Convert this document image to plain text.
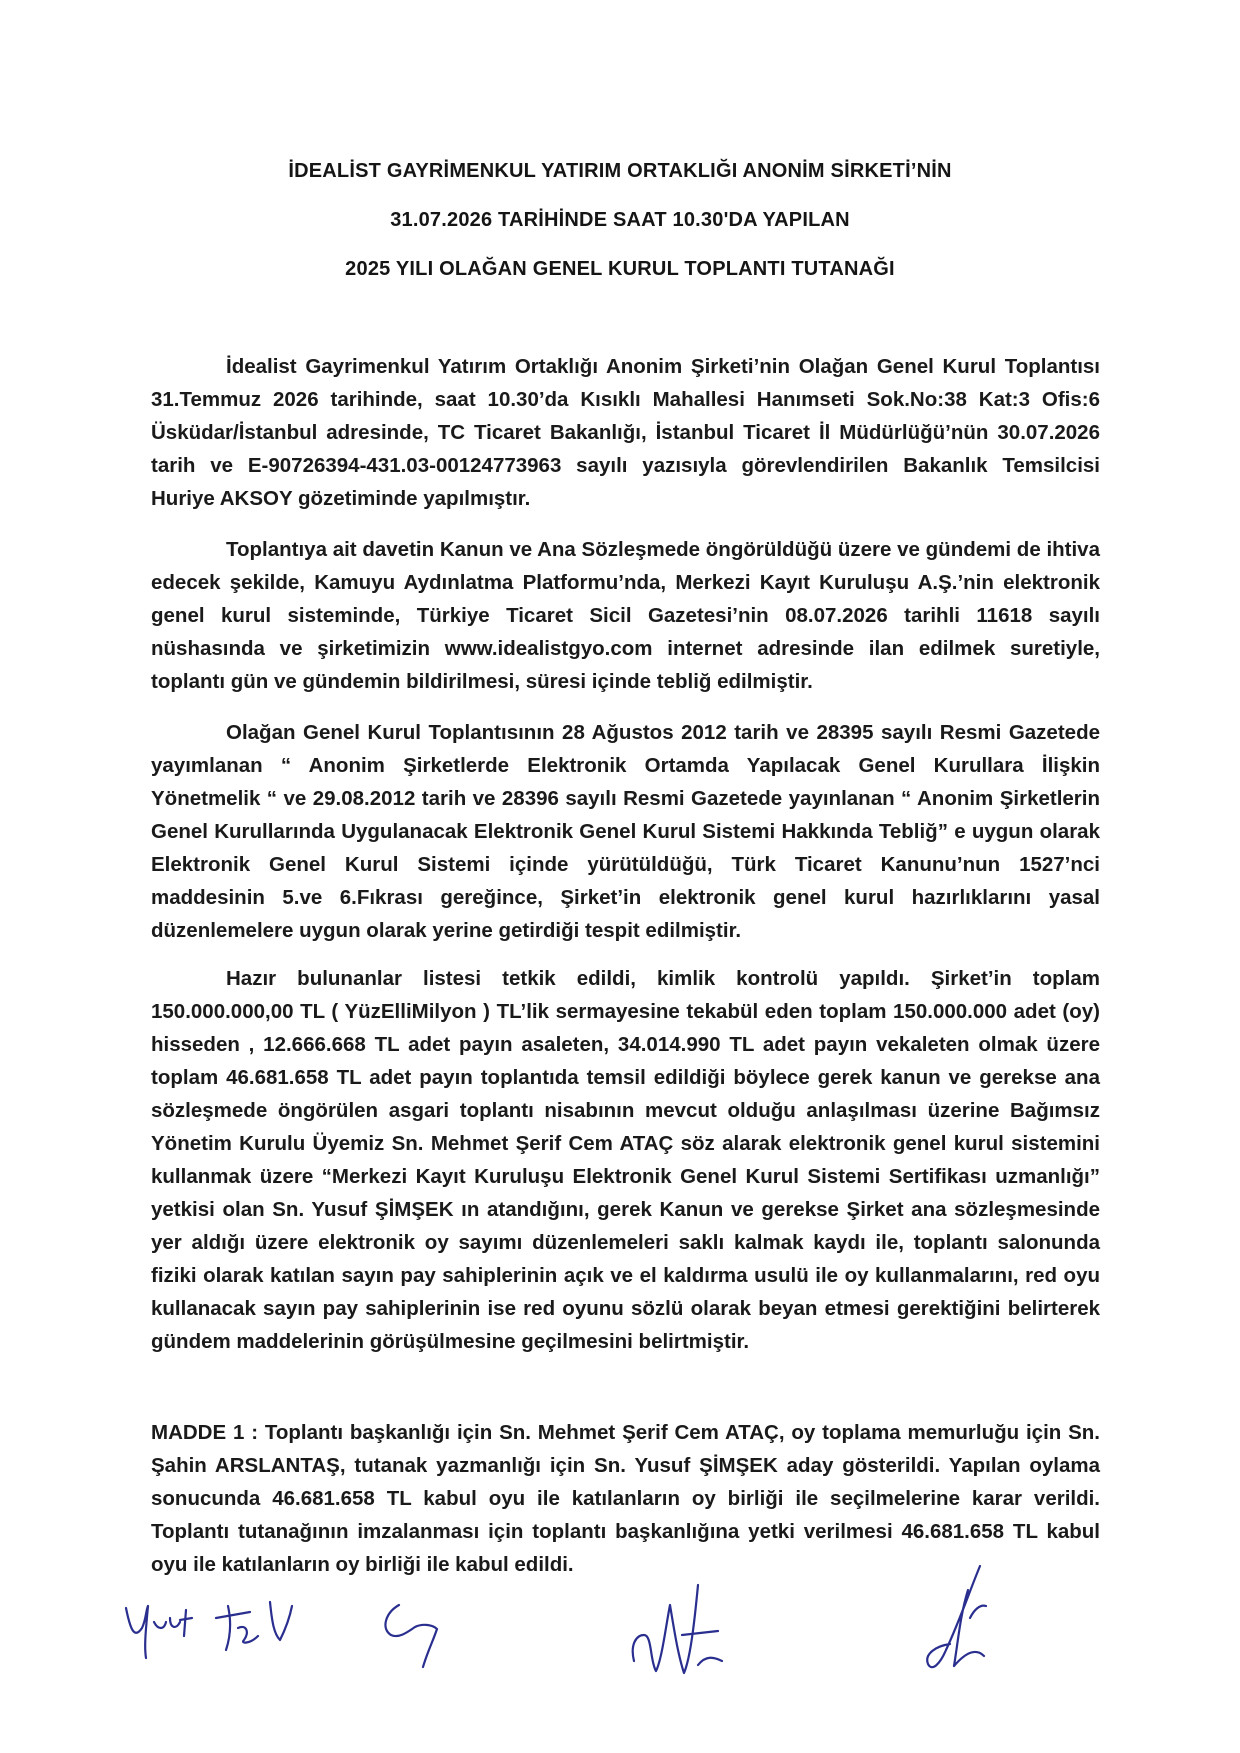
İDEALİST GAYRİMENKUL YATIRIM ORTAKLIĞI ANONİM SİRKETİ’NİN
31.07.2026 TARİHİNDE SAAT 10.30'DA YAPILAN
2025 YILI OLAĞAN GENEL KURUL TOPLANTI TUTANAĞI

İdealist Gayrimenkul Yatırım Ortaklığı Anonim Şirketi’nin Olağan Genel Kurul Toplantısı 31.Temmuz 2026 tarihinde, saat 10.30’da Kısıklı Mahallesi Hanımseti Sok.No:38 Kat:3 Ofis:6 Üsküdar/İstanbul adresinde, TC Ticaret Bakanlığı, İstanbul Ticaret İl Müdürlüğü’nün 30.07.2026 tarih ve E-90726394-431.03-00124773963 sayılı yazısıyla görevlendirilen Bakanlık Temsilcisi Huriye AKSOY gözetiminde yapılmıştır.

Toplantıya ait davetin Kanun ve Ana Sözleşmede öngörüldüğü üzere ve gündemi de ihtiva edecek şekilde, Kamuyu Aydınlatma Platformu’nda, Merkezi Kayıt Kuruluşu A.Ş.’nin elektronik genel kurul sisteminde, Türkiye Ticaret Sicil Gazetesi’nin 08.07.2026 tarihli 11618 sayılı nüshasında ve şirketimizin www.idealistgyo.com internet adresinde ilan edilmek suretiyle, toplantı gün ve gündemin bildirilmesi, süresi içinde tebliğ edilmiştir.

Olağan Genel Kurul Toplantısının 28 Ağustos 2012 tarih ve 28395 sayılı Resmi Gazetede yayımlanan “ Anonim Şirketlerde Elektronik Ortamda Yapılacak Genel Kurullara İlişkin Yönetmelik “ ve 29.08.2012 tarih ve 28396 sayılı Resmi Gazetede yayınlanan “ Anonim Şirketlerin Genel Kurullarında Uygulanacak Elektronik Genel Kurul Sistemi Hakkında Tebliğ” e uygun olarak Elektronik Genel Kurul Sistemi içinde yürütüldüğü, Türk Ticaret Kanunu’nun 1527’nci maddesinin 5.ve 6.Fıkrası gereğince, Şirket’in elektronik genel kurul hazırlıklarını yasal düzenlemelere uygun olarak yerine getirdiği tespit edilmiştir.

Hazır bulunanlar listesi tetkik edildi, kimlik kontrolü yapıldı. Şirket’in toplam 150.000.000,00 TL ( YüzElliMilyon ) TL’lik sermayesine tekabül eden toplam 150.000.000 adet (oy) hisseden , 12.666.668 TL adet payın asaleten, 34.014.990 TL adet payın vekaleten olmak üzere toplam 46.681.658 TL adet payın toplantıda temsil edildiği böylece gerek kanun ve gerekse ana sözleşmede öngörülen asgari toplantı nisabının mevcut olduğu anlaşılması üzerine Bağımsız Yönetim Kurulu Üyemiz Sn. Mehmet Şerif Cem ATAÇ söz alarak elektronik genel kurul sistemini kullanmak üzere “Merkezi Kayıt Kuruluşu Elektronik Genel Kurul Sistemi Sertifikası uzmanlığı” yetkisi olan Sn. Yusuf ŞİMŞEK ın atandığını, gerek Kanun ve gerekse Şirket ana sözleşmesinde yer aldığı üzere elektronik oy sayımı düzenlemeleri saklı kalmak kaydı ile, toplantı salonunda fiziki olarak katılan sayın pay sahiplerinin açık ve el kaldırma usulü ile oy kullanmalarını, red oyu kullanacak sayın pay sahiplerinin ise red oyunu sözlü olarak beyan etmesi gerektiğini belirterek gündem maddelerinin görüşülmesine geçilmesini belirtmiştir.

MADDE 1 : Toplantı başkanlığı için Sn. Mehmet Şerif Cem ATAÇ, oy toplama memurluğu için Sn. Şahin ARSLANTAŞ, tutanak yazmanlığı için Sn. Yusuf ŞİMŞEK aday gösterildi. Yapılan oylama sonucunda 46.681.658 TL kabul oyu ile katılanların oy birliği ile seçilmelerine karar verildi. Toplantı tutanağının imzalanması için toplantı başkanlığına yetki verilmesi 46.681.658 TL kabul oyu ile katılanların oy birliği ile kabul edildi.
